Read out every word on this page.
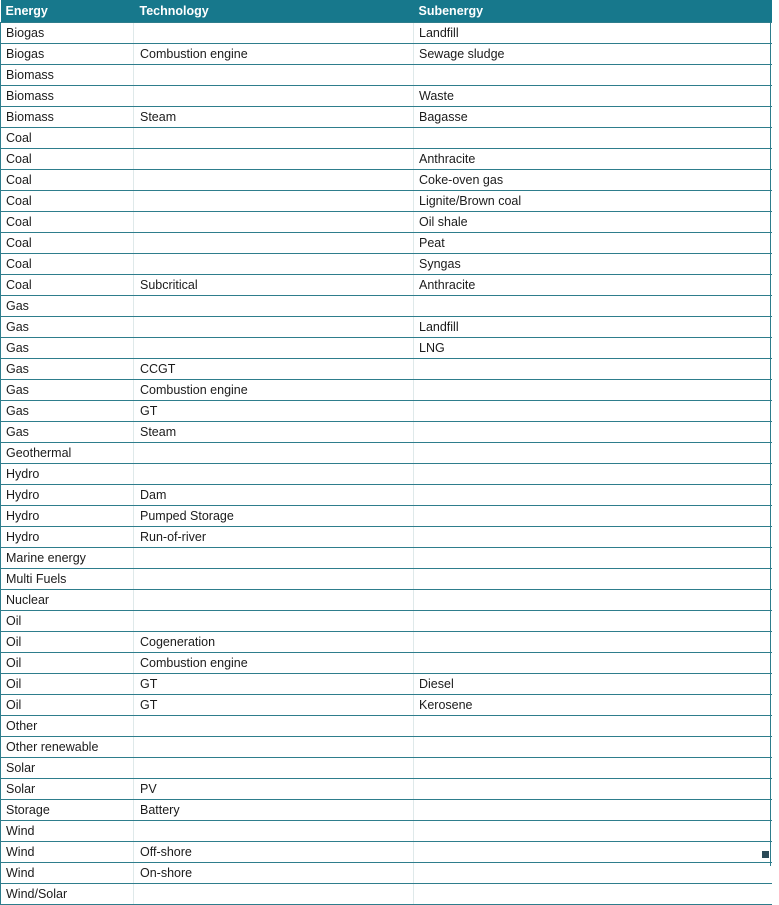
Energy	Technology	Subenergy
Biogas		Landfill
Biogas	Combustion engine	Sewage sludge
Biomass		
Biomass		Waste
Biomass	Steam	Bagasse
Coal		
Coal		Anthracite
Coal		Coke-oven gas
Coal		Lignite/Brown coal
Coal		Oil shale
Coal		Peat
Coal		Syngas
Coal	Subcritical	Anthracite
Gas		
Gas		Landfill
Gas		LNG
Gas	CCGT	
Gas	Combustion engine	
Gas	GT	
Gas	Steam	
Geothermal		
Hydro		
Hydro	Dam	
Hydro	Pumped Storage	
Hydro	Run-of-river	
Marine energy		
Multi Fuels		
Nuclear		
Oil		
Oil	Cogeneration	
Oil	Combustion engine	
Oil	GT	Diesel
Oil	GT	Kerosene
Other		
Other renewable		
Solar		
Solar	PV	
Storage	Battery	
Wind		
Wind	Off-shore	
Wind	On-shore	
Wind/Solar		
